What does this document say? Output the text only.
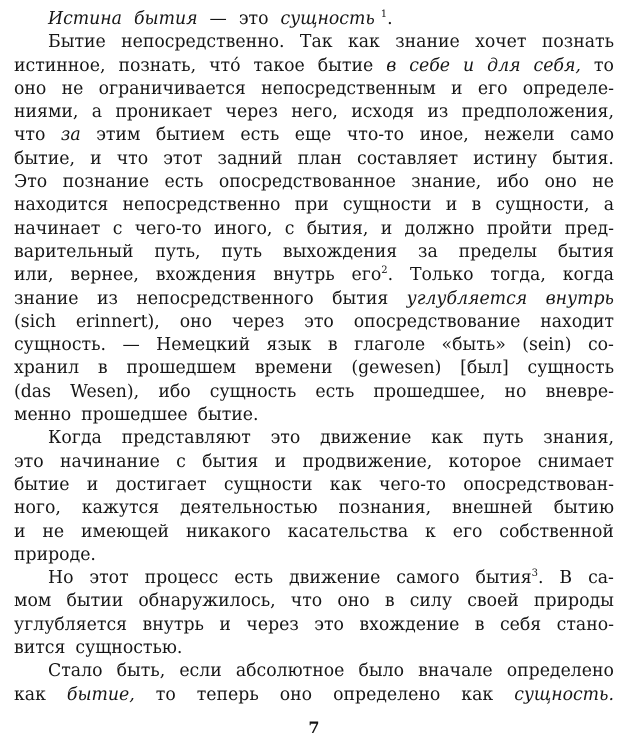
Истина бытия — это сущность $^1$.
Бытие непосредственно. Так как знание хочет познать
истинное, познать, что́ такое бытие в себе и для себя, то
оно не ограничивается непосредственным и его определе-
ниями, а проникает через него, исходя из предположения,
что за этим бытием есть еще что-то иное, нежели само
бытие, и что этот задний план составляет истину бытия.
Это познание есть опосредствованное знание, ибо оно не
находится непосредственно при сущности и в сущности, а
начинает с чего-то иного, с бытия, и должно пройти пред-
варительный путь, путь выхождения за пределы бытия
или, вернее, вхождения внутрь его$^2$. Только тогда, когда
знание из непосредственного бытия углубляется внутрь
(sich erinnert), оно через это опосредствование находит
сущность. — Немецкий язык в глаголе «быть» (sein) со-
хранил в прошедшем времени (gewesen) [был] сущность
(das Wesen), ибо сущность есть прошедшее, но вневре-
менно прошедшее бытие.
Когда представляют это движение как путь знания,
это начинание с бытия и продвижение, которое снимает
бытие и достигает сущности как чего-то опосредствован-
ного, кажутся деятельностью познания, внешней бытию
и не имеющей никакого касательства к его собственной
природе.
Но этот процесс есть движение самого бытия$^3$. В са-
мом бытии обнаружилось, что оно в силу своей природы
углубляется внутрь и через это вхождение в себя стано-
вится сущностью.
Стало быть, если абсолютное было вначале определено
как бытие, то теперь оно определено как сущность.
7
